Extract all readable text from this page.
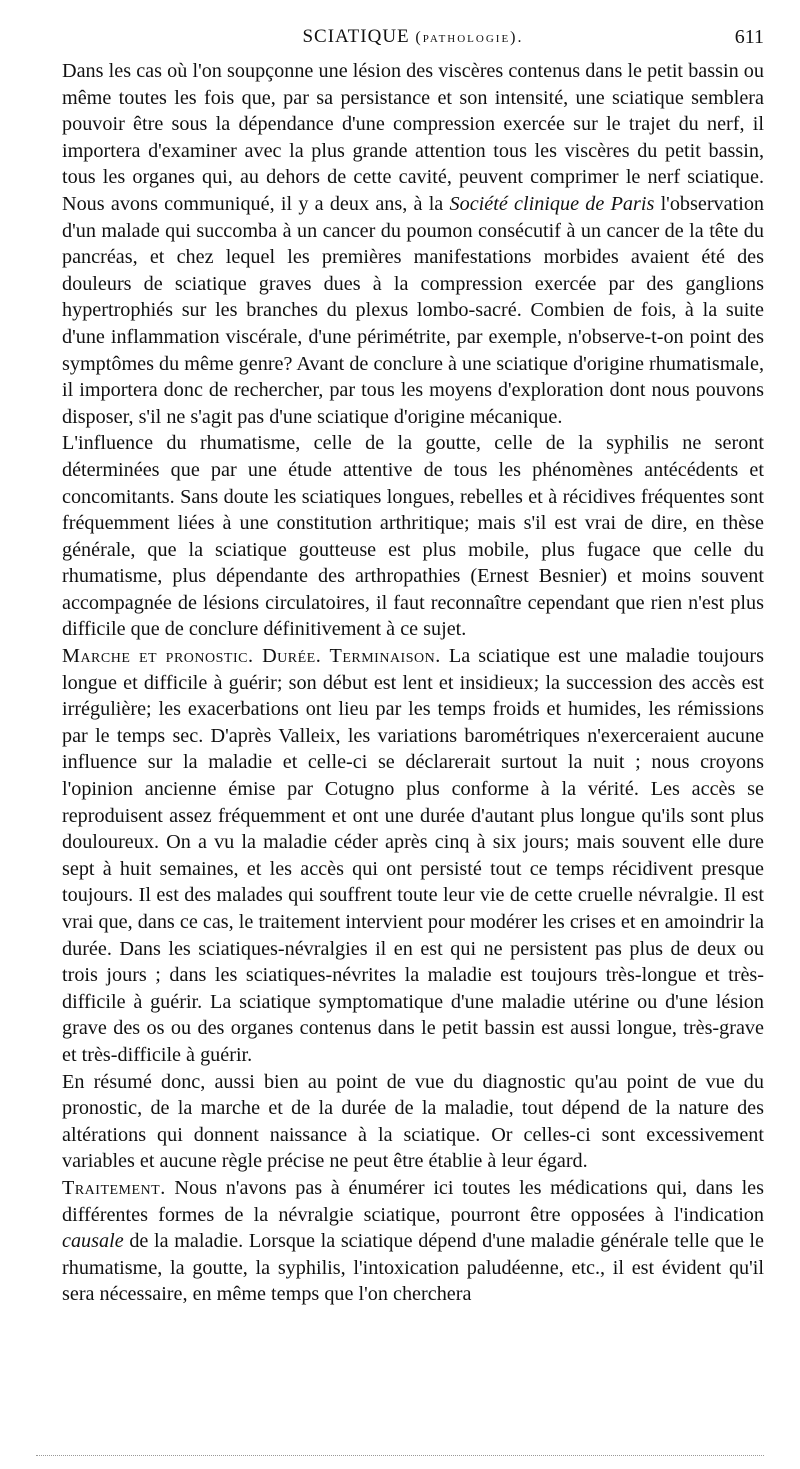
SCIATIQUE (pathologie).	611

Dans les cas où l'on soupçonne une lésion des viscères contenus dans le petit bassin ou même toutes les fois que, par sa persistance et son intensité, une sciatique semblera pouvoir être sous la dépendance d'une compression exercée sur le trajet du nerf, il importera d'examiner avec la plus grande attention tous les viscères du petit bassin, tous les organes qui, au dehors de cette cavité, peuvent comprimer le nerf sciatique. Nous avons communiqué, il y a deux ans, à la Société clinique de Paris l'observation d'un malade qui succomba à un cancer du poumon consécutif à un cancer de la tête du pancréas, et chez lequel les premières manifestations morbides avaient été des douleurs de sciatique graves dues à la compression exercée par des ganglions hypertrophiés sur les branches du plexus lombo-sacré. Combien de fois, à la suite d'une inflammation viscérale, d'une périmétrite, par exemple, n'observe-t-on point des symptômes du même genre? Avant de conclure à une sciatique d'origine rhumatismale, il importera donc de rechercher, par tous les moyens d'exploration dont nous pouvons disposer, s'il ne s'agit pas d'une sciatique d'origine mécanique.

L'influence du rhumatisme, celle de la goutte, celle de la syphilis ne seront déterminées que par une étude attentive de tous les phénomènes antécédents et concomitants. Sans doute les sciatiques longues, rebelles et à récidives fréquentes sont fréquemment liées à une constitution arthritique; mais s'il est vrai de dire, en thèse générale, que la sciatique goutteuse est plus mobile, plus fugace que celle du rhumatisme, plus dépendante des arthropathies (Ernest Besnier) et moins souvent accompagnée de lésions circulatoires, il faut reconnaître cependant que rien n'est plus difficile que de conclure définitivement à ce sujet.

Marche et pronostic. Durée. Terminaison. La sciatique est une maladie toujours longue et difficile à guérir; son début est lent et insidieux; la succession des accès est irrégulière; les exacerbations ont lieu par les temps froids et humides, les rémissions par le temps sec. D'après Valleix, les variations barométriques n'exerceraient aucune influence sur la maladie et celle-ci se déclarerait surtout la nuit ; nous croyons l'opinion ancienne émise par Cotugno plus conforme à la vérité. Les accès se reproduisent assez fréquemment et ont une durée d'autant plus longue qu'ils sont plus douloureux. On a vu la maladie céder après cinq à six jours; mais souvent elle dure sept à huit semaines, et les accès qui ont persisté tout ce temps récidivent presque toujours. Il est des malades qui souffrent toute leur vie de cette cruelle névralgie. Il est vrai que, dans ce cas, le traitement intervient pour modérer les crises et en amoindrir la durée. Dans les sciatiques-névralgies il en est qui ne persistent pas plus de deux ou trois jours ; dans les sciatiques-névrites la maladie est toujours très-longue et très-difficile à guérir. La sciatique symptomatique d'une maladie utérine ou d'une lésion grave des os ou des organes contenus dans le petit bassin est aussi longue, très-grave et très-difficile à guérir.

En résumé donc, aussi bien au point de vue du diagnostic qu'au point de vue du pronostic, de la marche et de la durée de la maladie, tout dépend de la nature des altérations qui donnent naissance à la sciatique. Or celles-ci sont excessivement variables et aucune règle précise ne peut être établie à leur égard.

Traitement. Nous n'avons pas à énumérer ici toutes les médications qui, dans les différentes formes de la névralgie sciatique, pourront être opposées à l'indication causale de la maladie. Lorsque la sciatique dépend d'une maladie générale telle que le rhumatisme, la goutte, la syphilis, l'intoxication paludéenne, etc., il est évident qu'il sera nécessaire, en même temps que l'on cherchera
